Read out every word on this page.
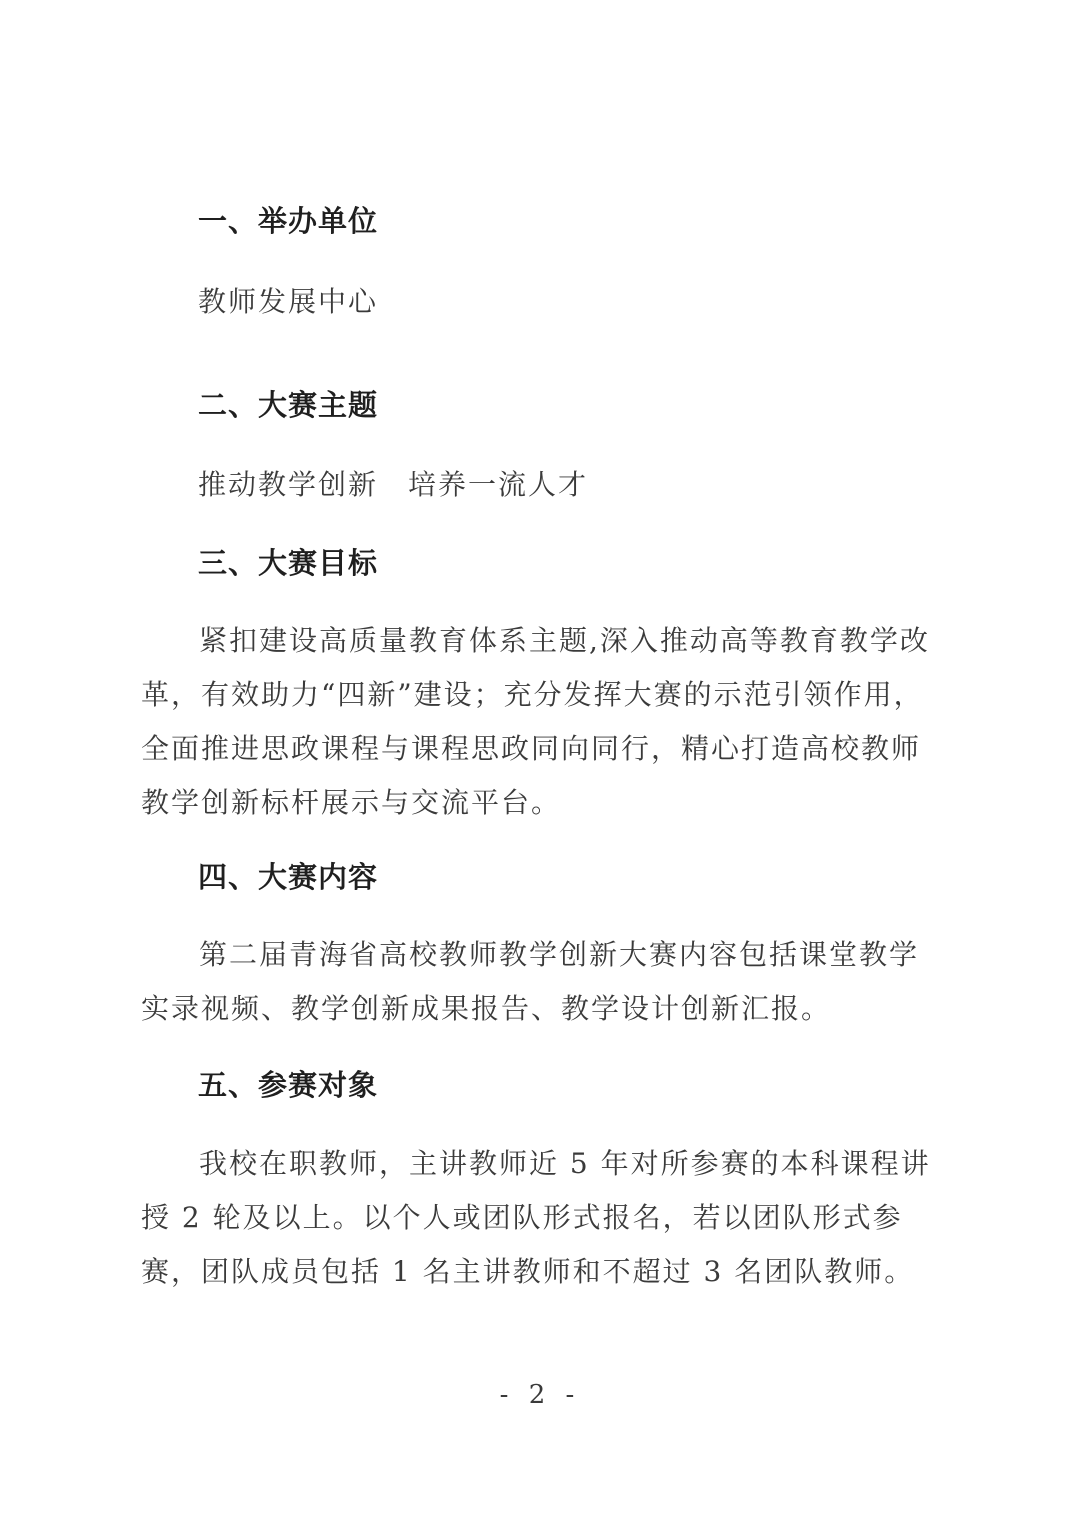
一、举办单位
教师发展中心
二、大赛主题
推动教学创新　培养一流人才
三、大赛目标
紧扣建设高质量教育体系主题,深入推动高等教育教学改革，有效助力“四新”建设；充分发挥大赛的示范引领作用，全面推进思政课程与课程思政同向同行，精心打造高校教师教学创新标杆展示与交流平台。
四、大赛内容
第二届青海省高校教师教学创新大赛内容包括课堂教学实录视频、教学创新成果报告、教学设计创新汇报。
五、参赛对象
我校在职教师，主讲教师近 5 年对所参赛的本科课程讲授 2 轮及以上。以个人或团队形式报名，若以团队形式参赛，团队成员包括 1 名主讲教师和不超过 3 名团队教师。
- 2 -
